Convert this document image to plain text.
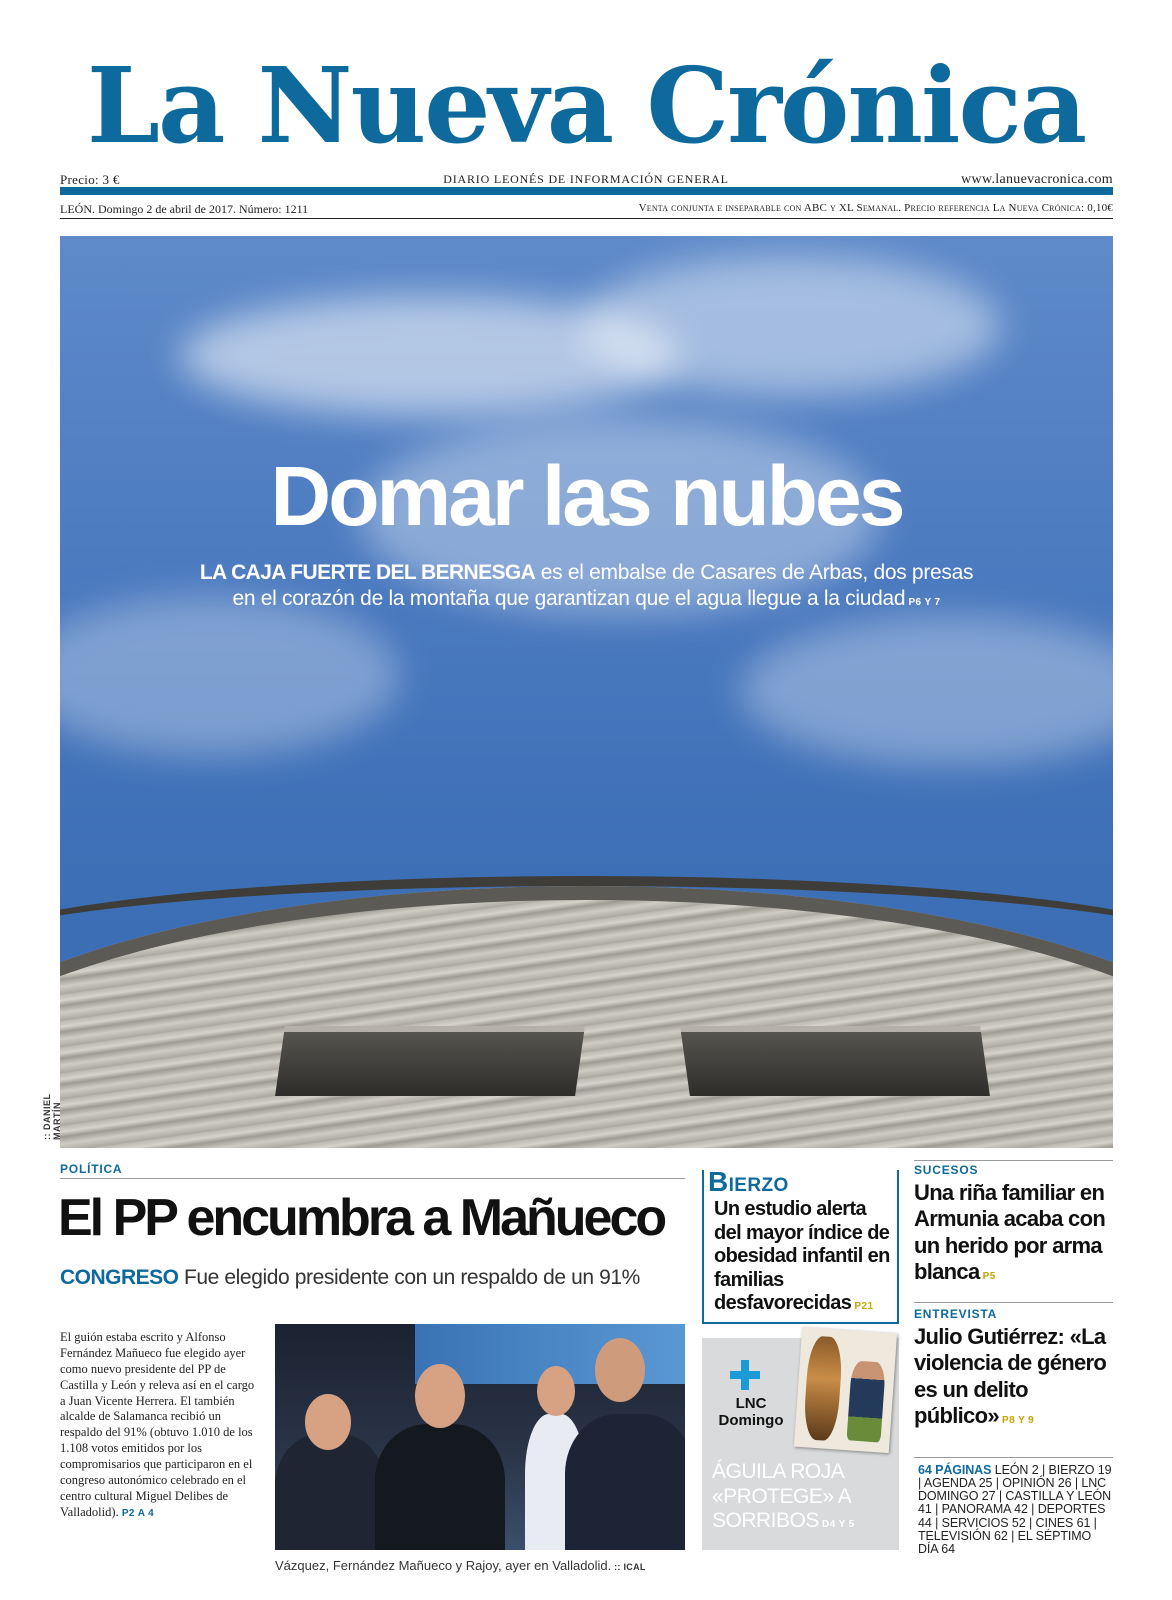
La Nueva Crónica
Precio: 3 €	DIARIO LEONÉS DE INFORMACIÓN GENERAL	www.lanuevacronica.com
LEÓN. Domingo 2 de abril de 2017. Número: 1211	Venta conjunta e inseparable con ABC y XL Semanal. Precio referencia La Nueva Crónica: 0,10€
Domar las nubes
LA CAJA FUERTE DEL BERNESGA es el embalse de Casares de Arbas, dos presas
en el corazón de la montaña que garantizan que el agua llegue a la ciudad P6 Y 7
:: DANIEL MARTÍN
POLÍTICA
El PP encumbra a Mañueco
CONGRESO Fue elegido presidente con un respaldo de un 91%
El guión estaba escrito y Alfonso Fernández Mañueco fue elegido ayer como nuevo presidente del PP de Castilla y León y releva así en el cargo a Juan Vicente Herrera. El también alcalde de Salamanca recibió un respaldo del 91% (obtuvo 1.010 de los 1.108 votos emitidos por los compromisarios que participaron en el congreso autonómico celebrado en el centro cultural Miguel Delibes de Valladolid). P2 A 4
Vázquez, Fernández Mañueco y Rajoy, ayer en Valladolid. :: ICAL
BIERZO
Un estudio alerta del mayor índice de obesidad infantil en familias desfavorecidas P21
LNC
Domingo
ÁGUILA ROJA «PROTEGE» A SORRIBOS D4 Y 5
SUCESOS
Una riña familiar en Armunia acaba con un herido por arma blanca P5
ENTREVISTA
Julio Gutiérrez: «La violencia de género es un delito público» P8 Y 9
64 PÁGINAS LEÓN 2 | BIERZO 19 | AGENDA 25 | OPINIÓN 26 | LNC DOMINGO 27 | CASTILLA Y LEÓN 41 | PANORAMA 42 | DEPORTES 44 | SERVICIOS 52 | CINES 61 | TELEVISIÓN 62 | EL SÉPTIMO DÍA 64
